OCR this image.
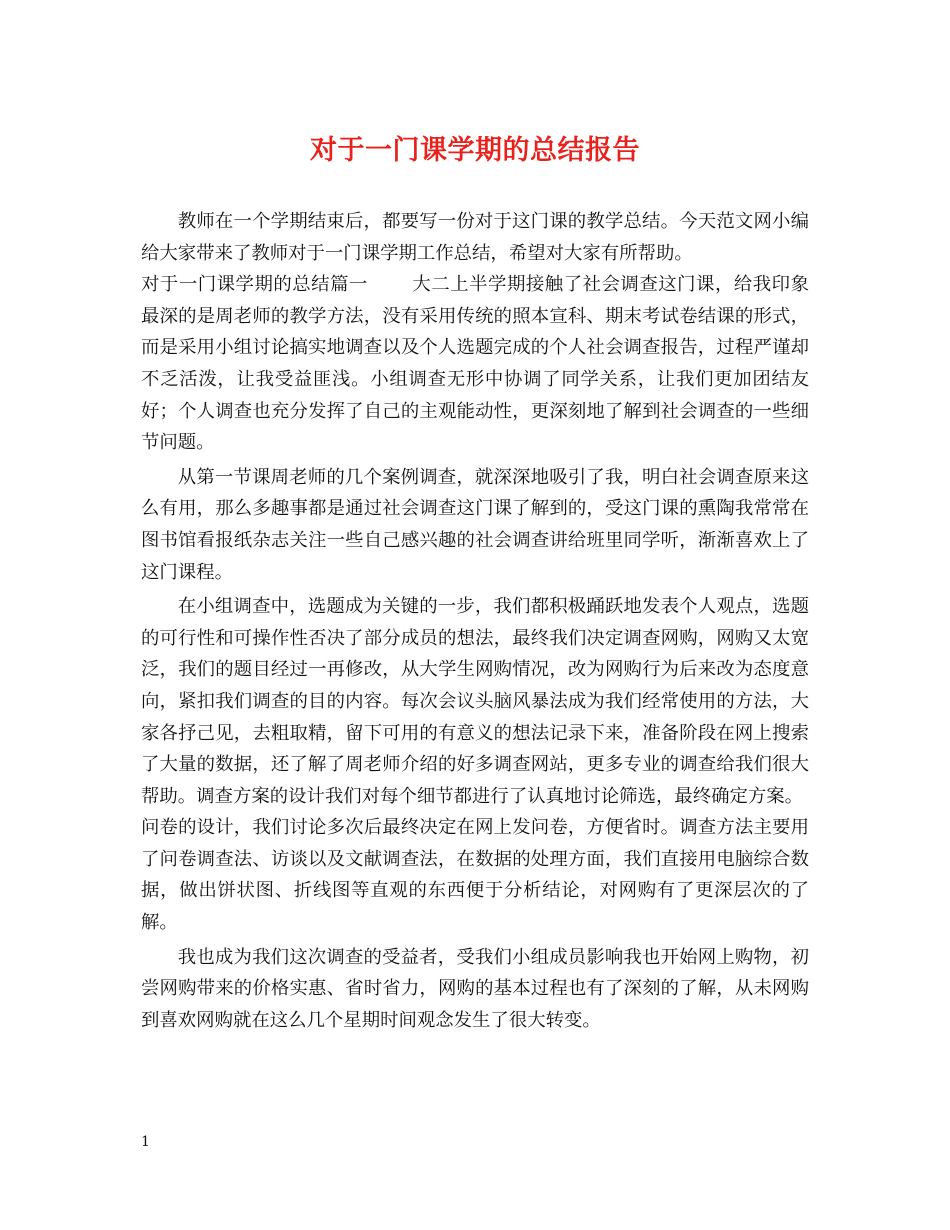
对于一门课学期的总结报告

教师在一个学期结束后，都要写一份对于这门课的教学总结。今天范文网小编给大家带来了教师对于一门课学期工作总结，希望对大家有所帮助。

对于一门课学期的总结篇一 大二上半学期接触了社会调查这门课，给我印象最深的是周老师的教学方法，没有采用传统的照本宣科、期末考试卷结课的形式，而是采用小组讨论搞实地调查以及个人选题完成的个人社会调查报告，过程严谨却不乏活泼，让我受益匪浅。小组调查无形中协调了同学关系，让我们更加团结友好；个人调查也充分发挥了自己的主观能动性，更深刻地了解到社会调查的一些细节问题。

从第一节课周老师的几个案例调查，就深深地吸引了我，明白社会调查原来这么有用，那么多趣事都是通过社会调查这门课了解到的，受这门课的熏陶我常常在图书馆看报纸杂志关注一些自己感兴趣的社会调查讲给班里同学听，渐渐喜欢上了这门课程。

在小组调查中，选题成为关键的一步，我们都积极踊跃地发表个人观点，选题的可行性和可操作性否决了部分成员的想法，最终我们决定调查网购，网购又太宽泛，我们的题目经过一再修改，从大学生网购情况，改为网购行为后来改为态度意向，紧扣我们调查的目的内容。每次会议头脑风暴法成为我们经常使用的方法，大家各抒己见，去粗取精，留下可用的有意义的想法记录下来，准备阶段在网上搜索了大量的数据，还了解了周老师介绍的好多调查网站，更多专业的调查给我们很大帮助。调查方案的设计我们对每个细节都进行了认真地讨论筛选，最终确定方案。

问卷的设计，我们讨论多次后最终决定在网上发问卷，方便省时。调查方法主要用了问卷调查法、访谈以及文献调查法，在数据的处理方面，我们直接用电脑综合数据，做出饼状图、折线图等直观的东西便于分析结论，对网购有了更深层次的了解。

我也成为我们这次调查的受益者，受我们小组成员影响我也开始网上购物，初尝网购带来的价格实惠、省时省力，网购的基本过程也有了深刻的了解，从未网购到喜欢网购就在这么几个星期时间观念发生了很大转变。

1
